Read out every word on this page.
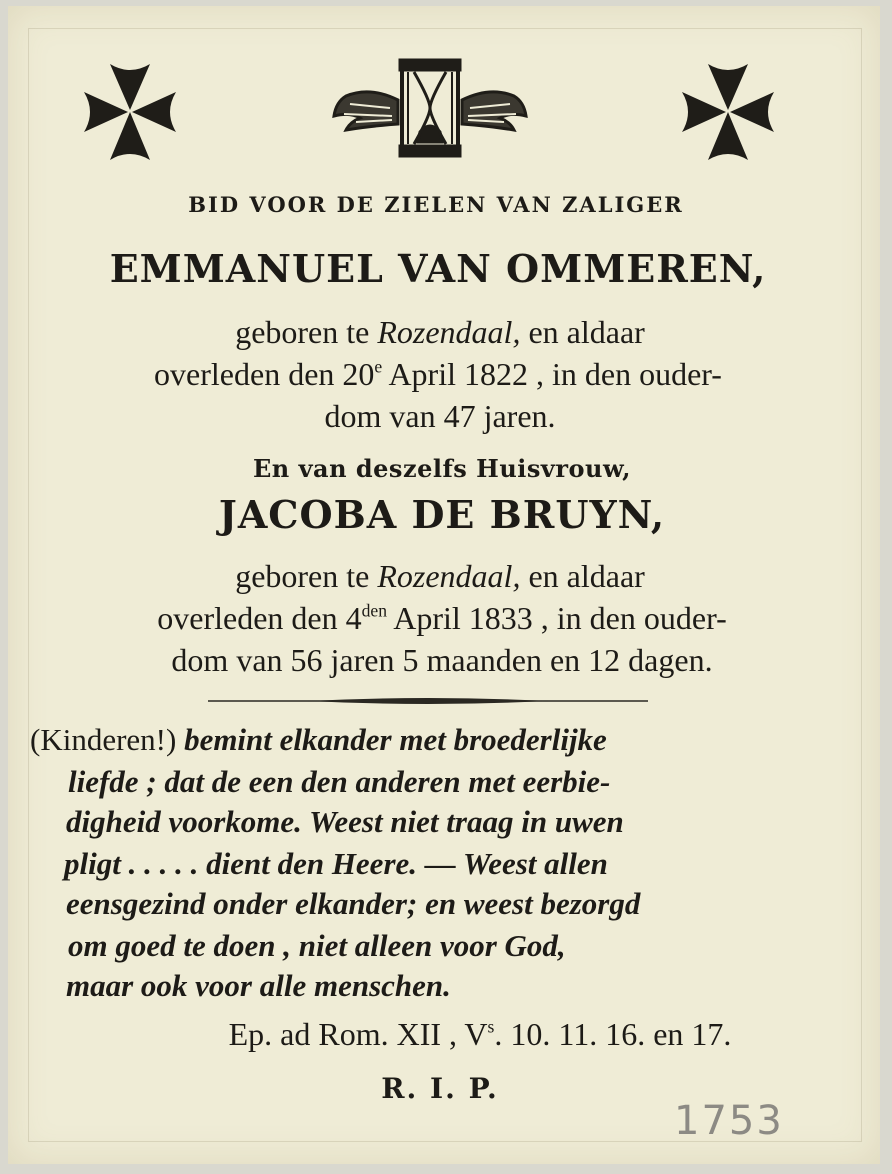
BID VOOR DE ZIELEN VAN ZALIGER
EMMANUEL VAN OMMEREN,
geboren te Rozendaal, en aldaar
overleden den 20e April 1822 , in den ouder-
dom van 47 jaren.
En van deszelfs Huisvrouw,
JACOBA DE BRUYN,
geboren te Rozendaal, en aldaar
overleden den $4^{den}$ April 1833 , in den ouder-
dom van 56 jaren 5 maanden en 12 dagen.
(Kinderen!) bemint elkander met broederlijke
liefde ; dat de een den anderen met eerbie-
digheid voorkome. Weest niet traag in uwen
pligt . . . . . dient den Heere. — Weest allen
eensgezind onder elkander; en weest bezorgd
om goed te doen , niet alleen voor God,
maar ook voor alle menschen.
Ep. ad Rom. XII , $V^s$. 10. 11. 16. en 17.
R. I. P.
1753
